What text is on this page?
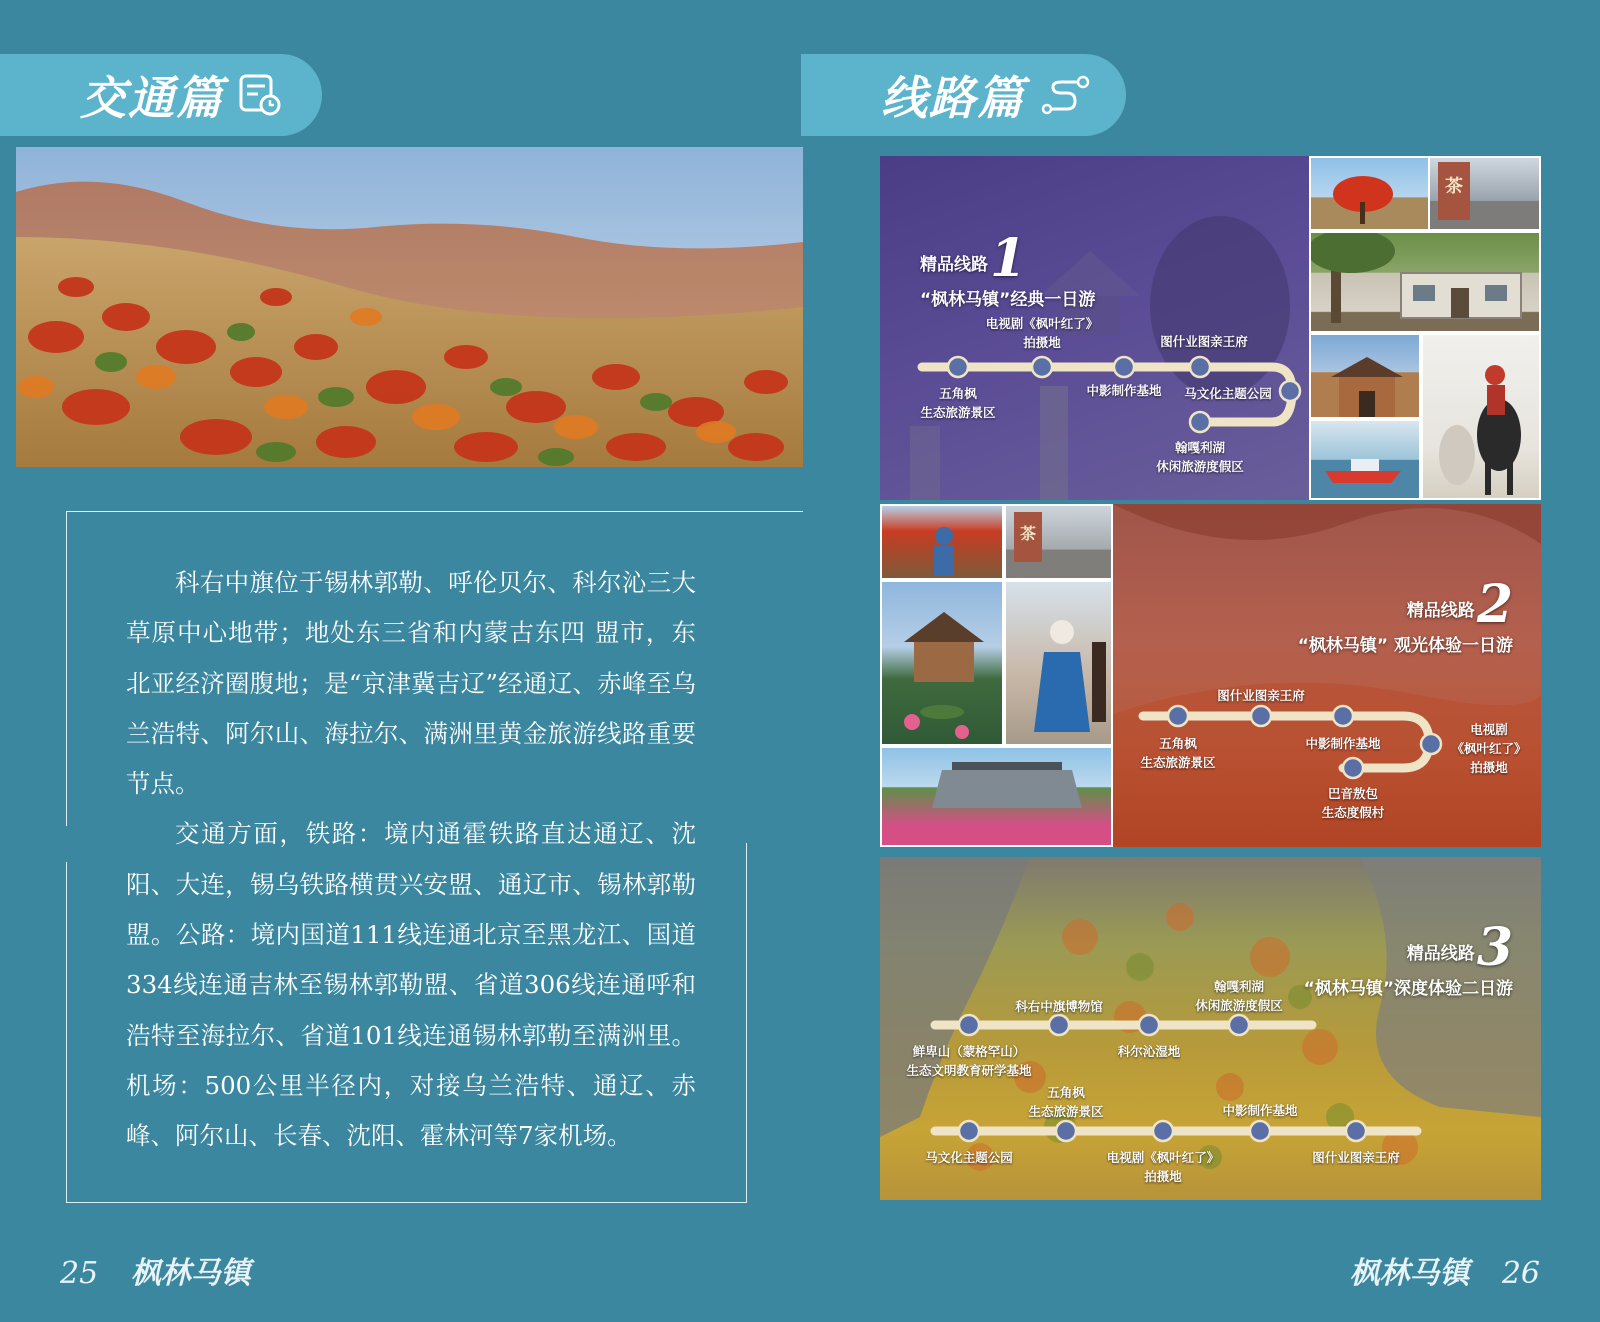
交通篇

科右中旗位于锡林郭勒、呼伦贝尔、科尔沁三大草原中心地带；地处东三省和内蒙古东四 盟市，东北亚经济圈腹地；是“京津冀吉辽”经通辽、赤峰至乌兰浩特、阿尔山、海拉尔、满洲里黄金旅游线路重要节点。

交通方面，铁路：境内通霍铁路直达通辽、沈阳、大连，锡乌铁路横贯兴安盟、通辽市、锡林郭勒盟。公路：境内国道111线连通北京至黑龙江、国道334线连通吉林至锡林郭勒盟、省道306线连通呼和浩特至海拉尔、省道101线连通锡林郭勒至满洲里。机场：500公里半径内，对接乌兰浩特、通辽、赤峰、阿尔山、长春、沈阳、霍林河等7家机场。

25 枫林马镇
线路篇
精品线路1
“枫林马镇”经典一日游
五角枫
生态旅游景区
电视剧《枫叶红了》
拍摄地
中影制作基地
图什业图亲王府
马文化主题公园
翰嘎利湖
休闲旅游度假区
茶
茶
精品线路2
“枫林马镇” 观光体验一日游
五角枫
生态旅游景区
图什业图亲王府
中影制作基地
电视剧
《枫叶红了》
拍摄地
巴音敖包
生态度假村
精品线路3
“枫林马镇”深度体验二日游
鲜卑山（蒙格罕山）
生态文明教育研学基地
科右中旗博物馆
科尔沁湿地
翰嘎利湖
休闲旅游度假区
马文化主题公园
五角枫
生态旅游景区
电视剧《枫叶红了》
拍摄地
中影制作基地
图什业图亲王府
枫林马镇 26
